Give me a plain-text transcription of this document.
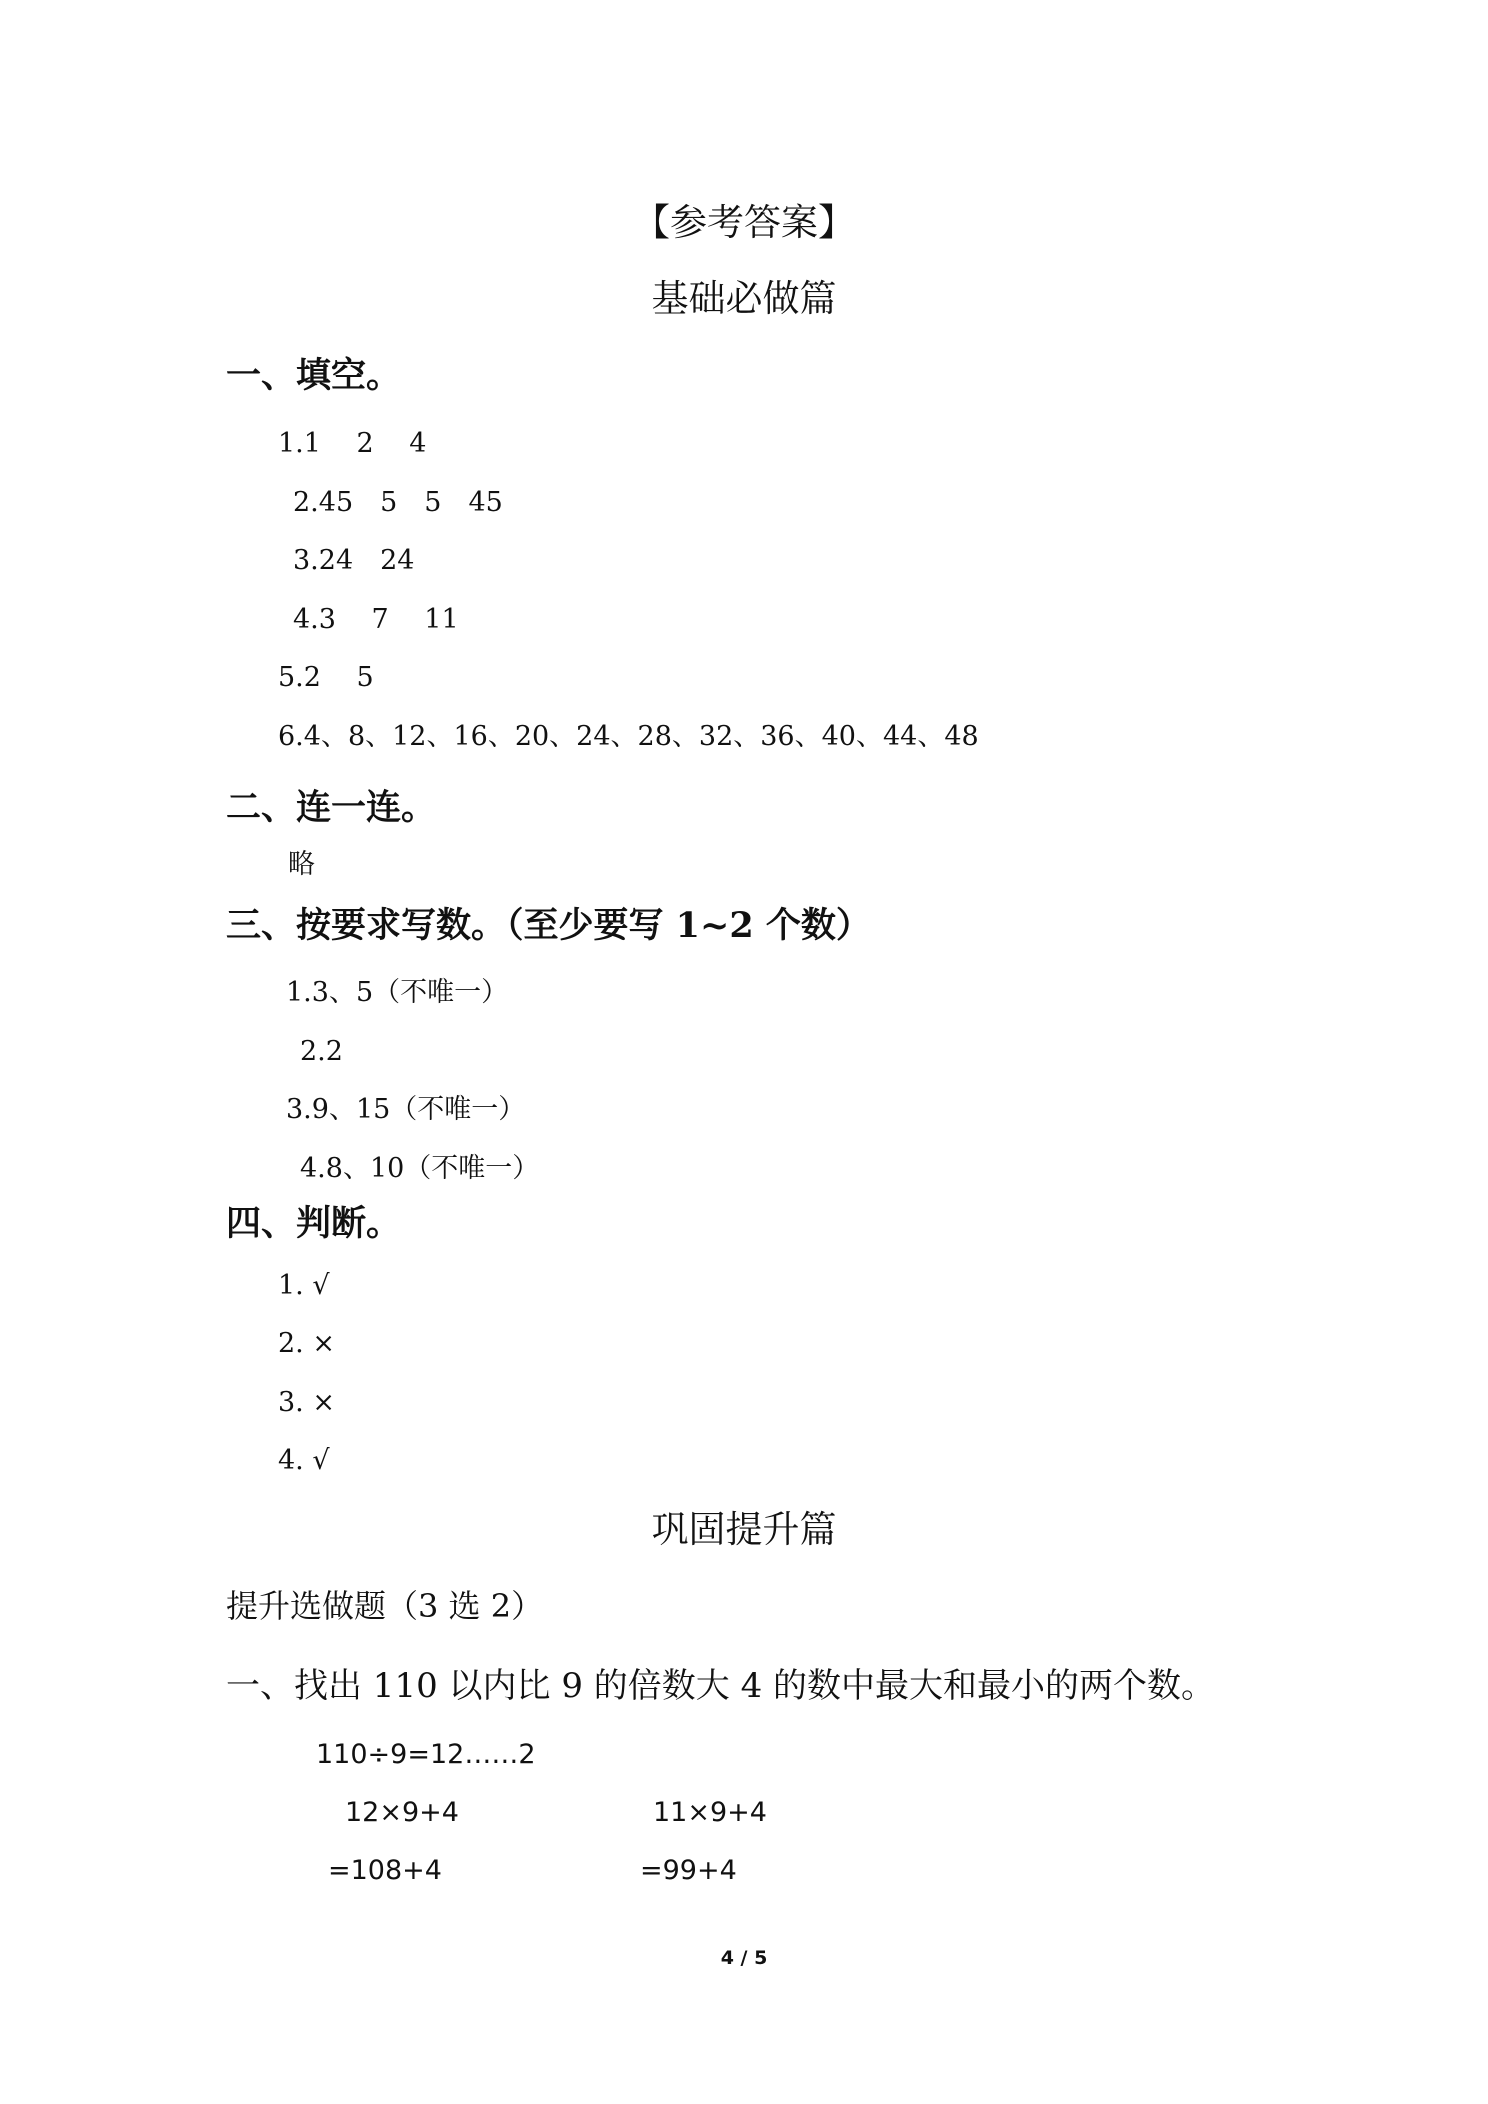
【参考答案】
基础必做篇
一、填空。
1.1　 2　 4
2.45　5　5　45
3.24　24
4.3　 7　 11
5.2　 5
6.4、8、12、16、20、24、28、32、36、40、44、48
二、连一连。
略
三、按要求写数。（至少要写 1~2 个数）
1.3、5（不唯一）
2.2
3.9、15（不唯一）
4.8、10（不唯一）
四、判断。
1. √
2. ×
3. ×
4. √
巩固提升篇
提升选做题（3 选 2）
一、找出 110 以内比 9 的倍数大 4 的数中最大和最小的两个数。
110÷9=12……2
12×9+4	11×9+4
=108+4	=99+4
4 / 5
